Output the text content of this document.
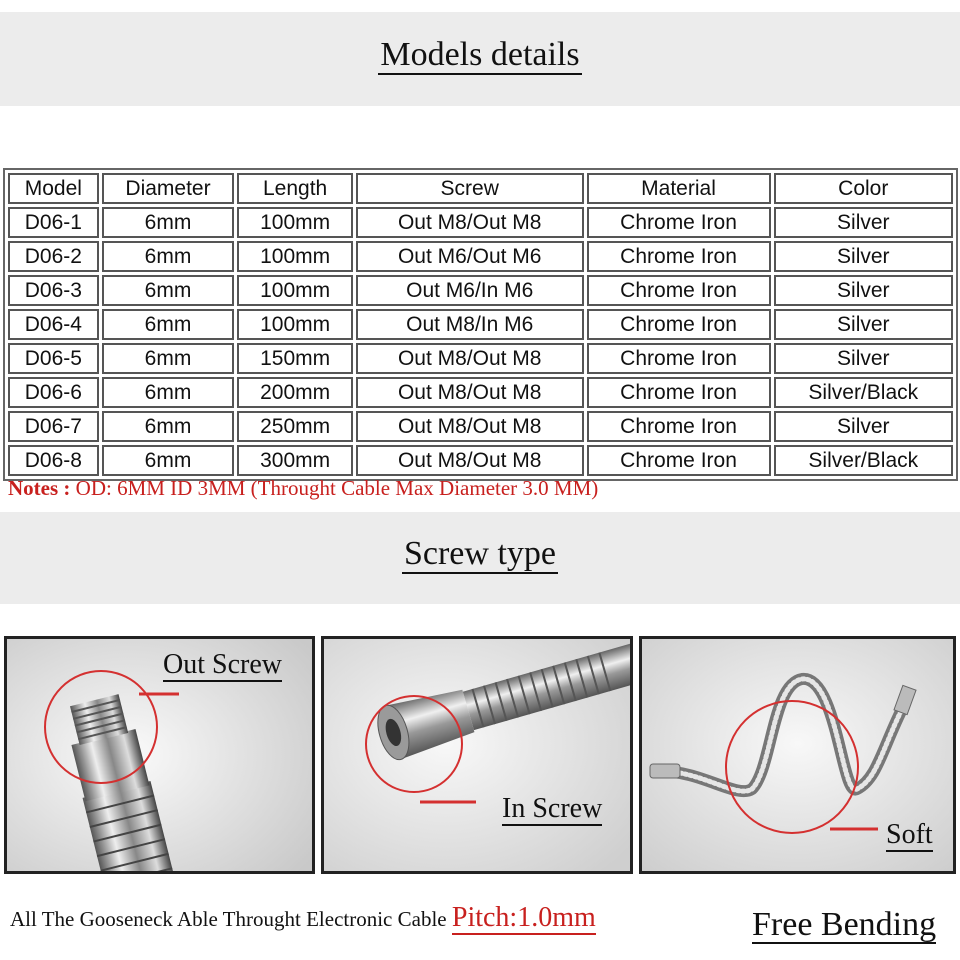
Models details
Model	Diameter	Length	Screw	Material	Color
D06-1	6mm	100mm	Out M8/Out M8	Chrome Iron	Silver
D06-2	6mm	100mm	Out M6/Out M6	Chrome Iron	Silver
D06-3	6mm	100mm	Out M6/In M6	Chrome Iron	Silver
D06-4	6mm	100mm	Out M8/In M6	Chrome Iron	Silver
D06-5	6mm	150mm	Out M8/Out M8	Chrome Iron	Silver
D06-6	6mm	200mm	Out M8/Out M8	Chrome Iron	Silver/Black
D06-7	6mm	250mm	Out M8/Out M8	Chrome Iron	Silver
D06-8	6mm	300mm	Out M8/Out M8	Chrome Iron	Silver/Black
Notes : OD: 6MM ID 3MM (Throught Cable Max Diameter 3.0 MM)
Screw type
Out Screw
In Screw
Soft
All The Gooseneck Able Throught Electronic Cable Pitch:1.0mm	Free Bending
